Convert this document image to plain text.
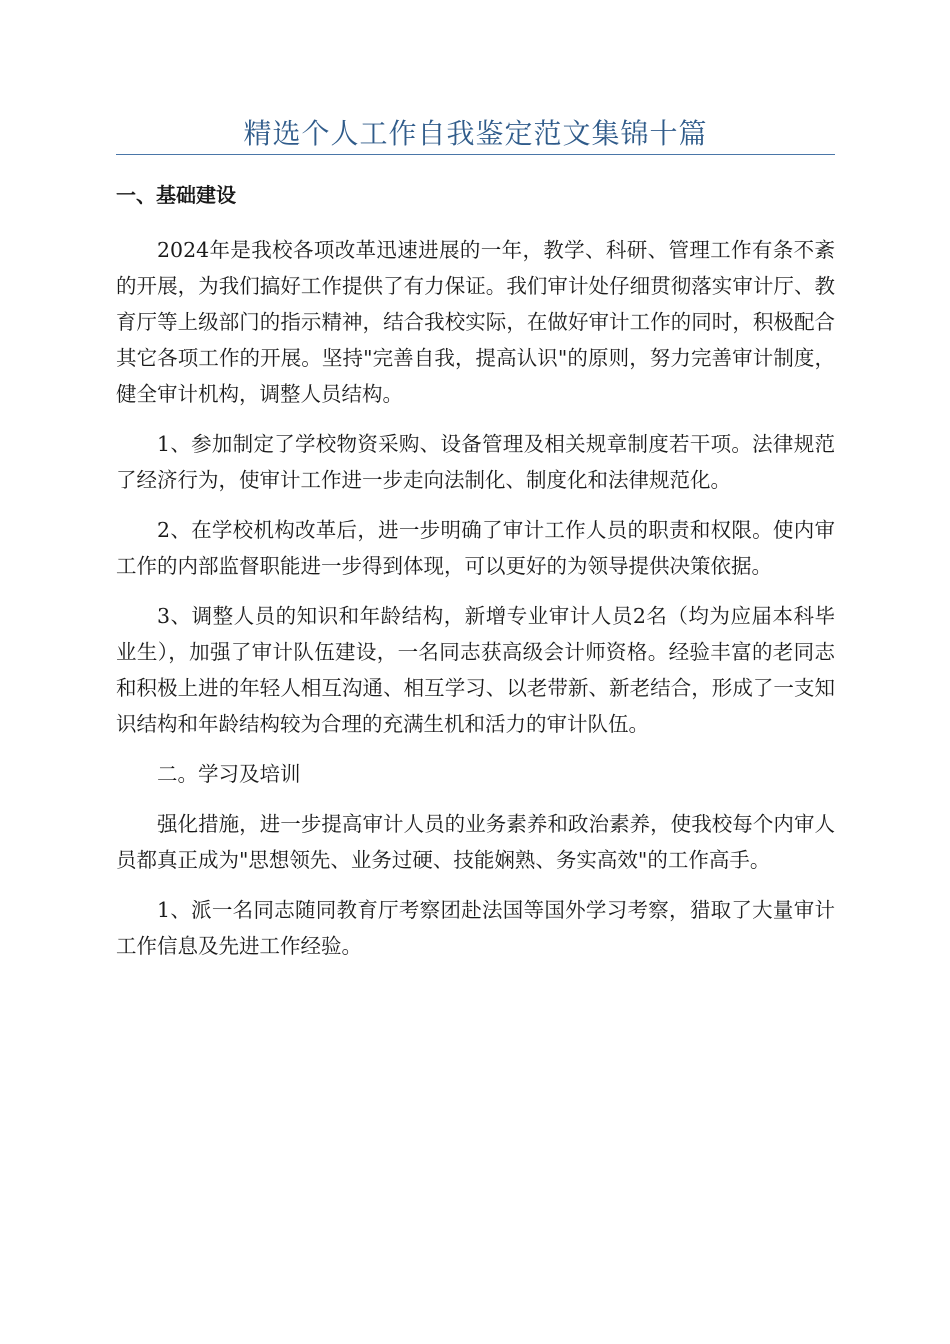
精选个人工作自我鉴定范文集锦十篇
一、基础建设

2024年是我校各项改革迅速进展的一年，教学、科研、管理工作有条不紊的开展，为我们搞好工作提供了有力保证。我们审计处仔细贯彻落实审计厅、教育厅等上级部门的指示精神，结合我校实际，在做好审计工作的同时，积极配合其它各项工作的开展。坚持"完善自我，提高认识"的原则，努力完善审计制度，健全审计机构，调整人员结构。

1、参加制定了学校物资采购、设备管理及相关规章制度若干项。法律规范了经济行为，使审计工作进一步走向法制化、制度化和法律规范化。

2、在学校机构改革后，进一步明确了审计工作人员的职责和权限。使内审工作的内部监督职能进一步得到体现，可以更好的为领导提供决策依据。

3、调整人员的知识和年龄结构，新增专业审计人员2名（均为应届本科毕业生），加强了审计队伍建设，一名同志获高级会计师资格。经验丰富的老同志和积极上进的年轻人相互沟通、相互学习、以老带新、新老结合，形成了一支知识结构和年龄结构较为合理的充满生机和活力的审计队伍。

二。学习及培训

强化措施，进一步提高审计人员的业务素养和政治素养，使我校每个内审人员都真正成为"思想领先、业务过硬、技能娴熟、务实高效"的工作高手。

1、派一名同志随同教育厅考察团赴法国等国外学习考察，猎取了大量审计工作信息及先进工作经验。
